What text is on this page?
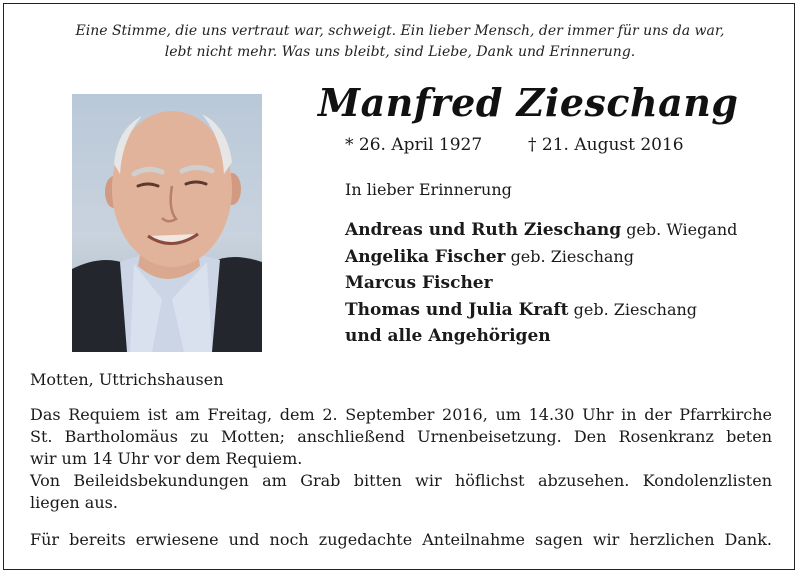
Eine Stimme, die uns vertraut war, schweigt. Ein lieber Mensch, der immer für uns da war,
lebt nicht mehr. Was uns bleibt, sind Liebe, Dank und Erinnerung.
Manfred Zieschang
* 26. April 1927	† 21. August 2016
In lieber Erinnerung
Andreas und Ruth Zieschang geb. Wiegand
Angelika Fischer geb. Zieschang
Marcus Fischer
Thomas und Julia Kraft geb. Zieschang
und alle Angehörigen
Motten, Uttrichshausen

Das Requiem ist am Freitag, dem 2. September 2016, um 14.30 Uhr in der Pfarrkirche

St. Bartholomäus zu Motten; anschließend Urnenbeisetzung. Den Rosenkranz beten

wir um 14 Uhr vor dem Requiem.

Von Beileidsbekundungen am Grab bitten wir höflichst abzusehen. Kondolenzlisten

liegen aus.

Für bereits erwiesene und noch zugedachte Anteilnahme sagen wir herzlichen Dank.
